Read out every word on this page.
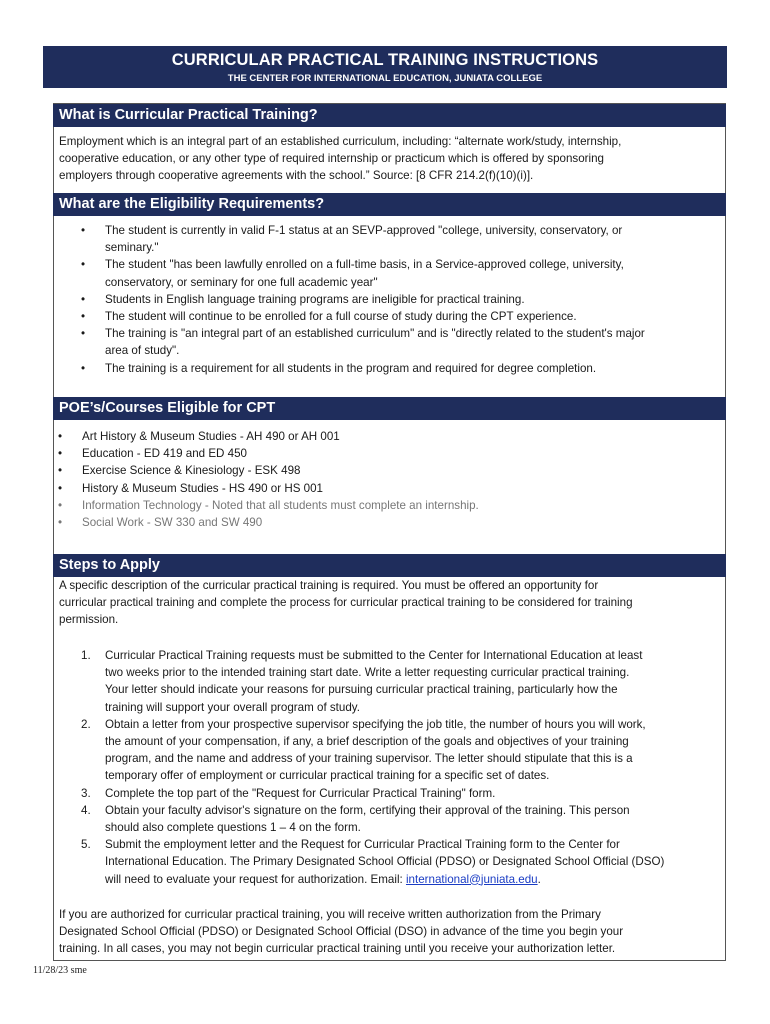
CURRICULAR PRACTICAL TRAINING INSTRUCTIONS
THE CENTER FOR INTERNATIONAL EDUCATION, JUNIATA COLLEGE
What is Curricular Practical Training?
Employment which is an integral part of an established curriculum, including: “alternate work/study, internship,
cooperative education, or any other type of required internship or practicum which is offered by sponsoring
employers through cooperative agreements with the school.” Source: [8 CFR 214.2(f)(10)(i)].
What are the Eligibility Requirements?
• The student is currently in valid F-1 status at an SEVP-approved "college, university, conservatory, or
seminary."
• The student "has been lawfully enrolled on a full-time basis, in a Service-approved college, university,
conservatory, or seminary for one full academic year"
• Students in English language training programs are ineligible for practical training.
• The student will continue to be enrolled for a full course of study during the CPT experience.
• The training is "an integral part of an established curriculum" and is "directly related to the student's major
area of study".
• The training is a requirement for all students in the program and required for degree completion.
POE’s/Courses Eligible for CPT
• Art History & Museum Studies - AH 490 or AH 001
• Education - ED 419 and ED 450
• Exercise Science & Kinesiology - ESK 498
• History & Museum Studies - HS 490 or HS 001
• Information Technology - Noted that all students must complete an internship.
• Social Work - SW 330 and SW 490
Steps to Apply
A specific description of the curricular practical training is required. You must be offered an opportunity for
curricular practical training and complete the process for curricular practical training to be considered for training
permission.
1. Curricular Practical Training requests must be submitted to the Center for International Education at least
two weeks prior to the intended training start date. Write a letter requesting curricular practical training.
Your letter should indicate your reasons for pursuing curricular practical training, particularly how the
training will support your overall program of study.
2. Obtain a letter from your prospective supervisor specifying the job title, the number of hours you will work,
the amount of your compensation, if any, a brief description of the goals and objectives of your training
program, and the name and address of your training supervisor. The letter should stipulate that this is a
temporary offer of employment or curricular practical training for a specific set of dates.
3. Complete the top part of the "Request for Curricular Practical Training" form.
4. Obtain your faculty advisor's signature on the form, certifying their approval of the training. This person
should also complete questions 1 – 4 on the form.
5. Submit the employment letter and the Request for Curricular Practical Training form to the Center for
International Education. The Primary Designated School Official (PDSO) or Designated School Official (DSO)
will need to evaluate your request for authorization. Email: international@juniata.edu.
If you are authorized for curricular practical training, you will receive written authorization from the Primary
Designated School Official (PDSO) or Designated School Official (DSO) in advance of the time you begin your
training. In all cases, you may not begin curricular practical training until you receive your authorization letter.
11/28/23 sme
